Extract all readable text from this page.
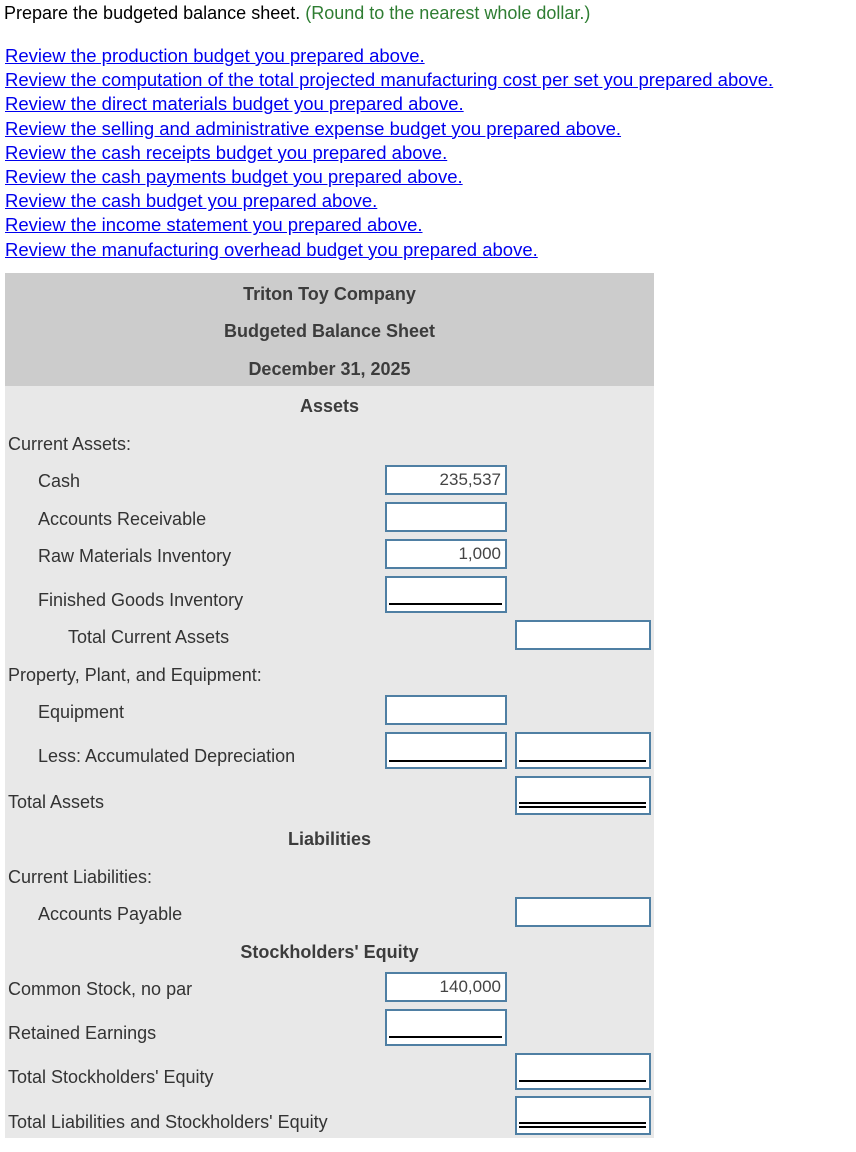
Prepare the budgeted balance sheet. (Round to the nearest whole dollar.)
Review the production budget you prepared above.
Review the computation of the total projected manufacturing cost per set you prepared above.
Review the direct materials budget you prepared above.
Review the selling and administrative expense budget you prepared above.
Review the cash receipts budget you prepared above.
Review the cash payments budget you prepared above.
Review the cash budget you prepared above.
Review the income statement you prepared above.
Review the manufacturing overhead budget you prepared above.
Triton Toy Company
Budgeted Balance Sheet
December 31, 2025
Assets
Current Assets:
Cash
235,537
Accounts Receivable
Raw Materials Inventory
1,000
Finished Goods Inventory
Total Current Assets
Property, Plant, and Equipment:
Equipment
Less: Accumulated Depreciation
Total Assets
Liabilities
Current Liabilities:
Accounts Payable
Stockholders' Equity
Common Stock, no par
140,000
Retained Earnings
Total Stockholders' Equity
Total Liabilities and Stockholders' Equity
